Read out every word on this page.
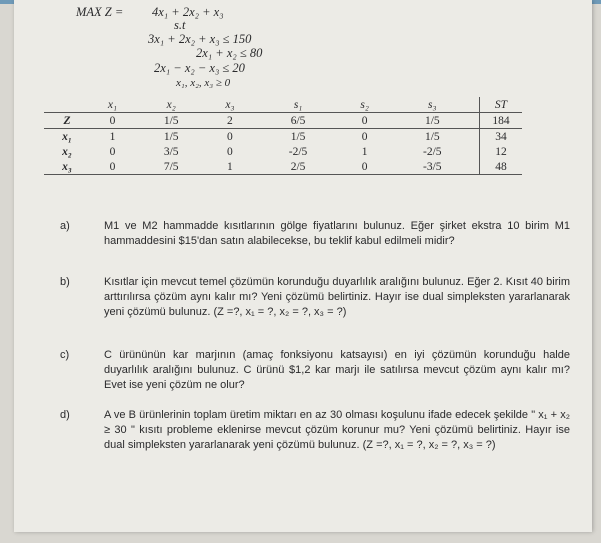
MAX Z = 4x₁ + 2x₂ + x₃
s.t
3x₁ + 2x₂ + x₃ ≤ 150
2x₁ + x₂ ≤ 80
2x₁ − x₂ − x₃ ≤ 20
x₁, x₂, x₃ ≥ 0
	x₁	x₂	x₃	s₁	s₂	s₃	ST
Z	0	1/5	2	6/5	0	1/5	184
x₁	1	1/5	0	1/5	0	1/5	34
x₂	0	3/5	0	-2/5	1	-2/5	12
x₃	0	7/5	1	2/5	0	-3/5	48
a)	M1 ve M2 hammadde kısıtlarının gölge fiyatlarını bulunuz. Eğer şirket ekstra 10 birim M1 hammaddesini $15'dan satın alabilecekse, bu teklif kabul edilmeli midir?
b)	Kısıtlar için mevcut temel çözümün korunduğu duyarlılık aralığını bulunuz. Eğer 2. Kısıt 40 birim arttırılırsa çözüm aynı kalır mı? Yeni çözümü belirtiniz. Hayır ise dual simpleksten yararlanarak yeni çözümü bulunuz. (Z =?, x₁ = ?, x₂ = ?, x₃ = ?)
c)	C ürününün kar marjının (amaç fonksiyonu katsayısı) en iyi çözümün korunduğu halde duyarlılık aralığını bulunuz. C ürünü $1,2 kar marjı ile satılırsa mevcut çözüm aynı kalır mı? Evet ise yeni çözüm ne olur?
d)	A ve B ürünlerinin toplam üretim miktarı en az 30 olması koşulunu ifade edecek şekilde " x₁ + x₂ ≥ 30 " kısıtı probleme eklenirse mevcut çözüm korunur mu? Yeni çözümü belirtiniz. Hayır ise dual simpleksten yararlanarak yeni çözümü bulunuz. (Z =?, x₁ = ?, x₂ = ?, x₃ = ?)
